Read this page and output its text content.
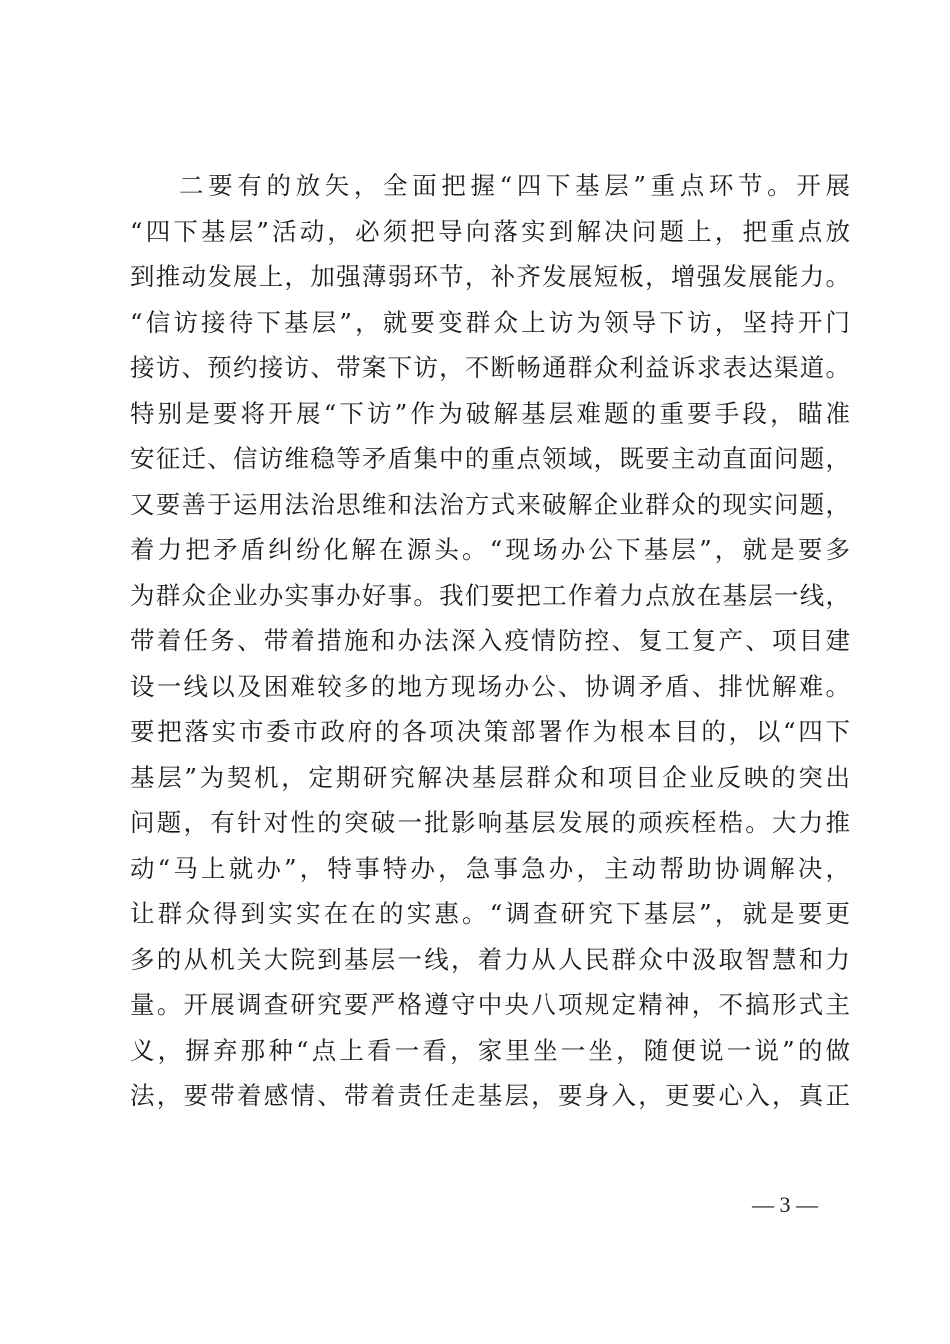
二要有的放矢，全面把握“四下基层”重点环节。开展
“四下基层”活动，必须把导向落实到解决问题上，把重点放
到推动发展上，加强薄弱环节，补齐发展短板，增强发展能力。
“信访接待下基层”，就要变群众上访为领导下访，坚持开门
接访、预约接访、带案下访，不断畅通群众利益诉求表达渠道。
特别是要将开展“下访”作为破解基层难题的重要手段，瞄准
安征迁、信访维稳等矛盾集中的重点领域，既要主动直面问题，
又要善于运用法治思维和法治方式来破解企业群众的现实问题，
着力把矛盾纠纷化解在源头。“现场办公下基层”，就是要多
为群众企业办实事办好事。我们要把工作着力点放在基层一线，
带着任务、带着措施和办法深入疫情防控、复工复产、项目建
设一线以及困难较多的地方现场办公、协调矛盾、排忧解难。
要把落实市委市政府的各项决策部署作为根本目的，以“四下
基层”为契机，定期研究解决基层群众和项目企业反映的突出
问题，有针对性的突破一批影响基层发展的顽疾桎梏。大力推
动“马上就办”，特事特办，急事急办，主动帮助协调解决，
让群众得到实实在在的实惠。“调查研究下基层”，就是要更
多的从机关大院到基层一线，着力从人民群众中汲取智慧和力
量。开展调查研究要严格遵守中央八项规定精神，不搞形式主
义，摒弃那种“点上看一看，家里坐一坐，随便说一说”的做
法，要带着感情、带着责任走基层，要身入，更要心入，真正
— 3 —
